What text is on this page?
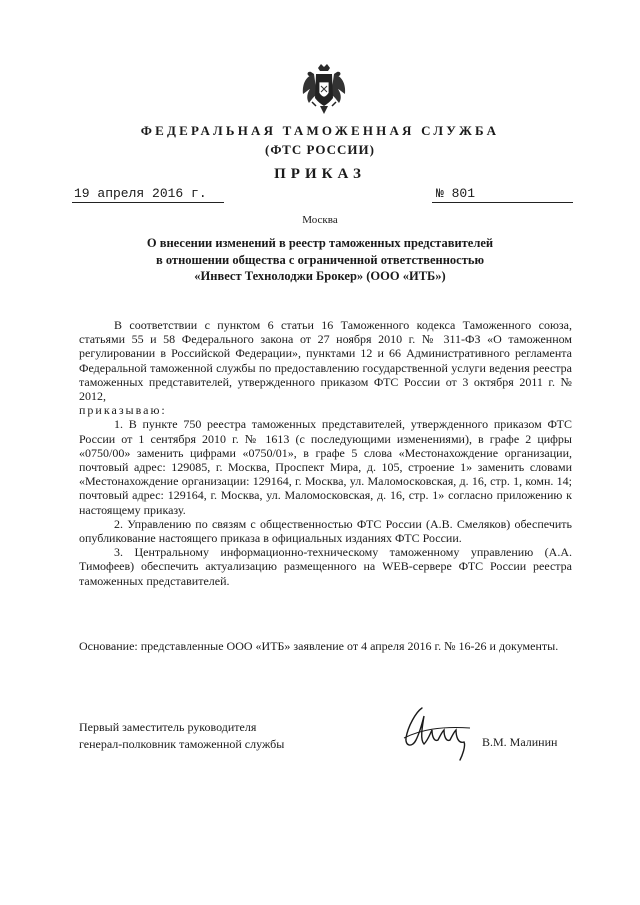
ФЕДЕРАЛЬНАЯ ТАМОЖЕННАЯ СЛУЖБА
(ФТС РОССИИ)
ПРИКАЗ
19 апреля 2016 г.	№ 801
Москва
О внесении изменений в реестр таможенных представителей
в отношении общества с ограниченной ответственностью
«Инвест Технолоджи Брокер» (ООО «ИТБ»)

В соответствии с пунктом 6 статьи 16 Таможенного кодекса Таможенного союза, статьями 55 и 58 Федерального закона от 27 ноября 2010 г. № 311-ФЗ «О таможенном регулировании в Российской Федерации», пунктами 12 и 66 Административного регламента Федеральной таможенной службы по предоставлению государственной услуги ведения реестра таможенных представителей, утвержденного приказом ФТС России от 3 октября 2011 г. № 2012,

приказываю:

1. В пункте 750 реестра таможенных представителей, утвержденного приказом ФТС России от 1 сентября 2010 г. № 1613 (с последующими изменениями), в графе 2 цифры «0750/00» заменить цифрами «0750/01», в графе 5 слова «Местонахождение организации, почтовый адрес: 129085, г. Москва, Проспект Мира, д. 105, строение 1» заменить словами «Местонахождение организации: 129164, г. Москва, ул. Маломосковская, д. 16, стр. 1, комн. 14; почтовый адрес: 129164, г. Москва, ул. Маломосковская, д. 16, стр. 1» согласно приложению к настоящему приказу.

2. Управлению по связям с общественностью ФТС России (А.В. Смеляков) обеспечить опубликование настоящего приказа в официальных изданиях ФТС России.

3. Центральному информационно-техническому таможенному управлению (А.А. Тимофеев) обеспечить актуализацию размещенного на WEB-сервере ФТС России реестра таможенных представителей.

Основание: представленные ООО «ИТБ» заявление от 4 апреля 2016 г. № 16-26 и документы.

Первый заместитель руководителя
генерал-полковник таможенной службы	В.М. Малинин
